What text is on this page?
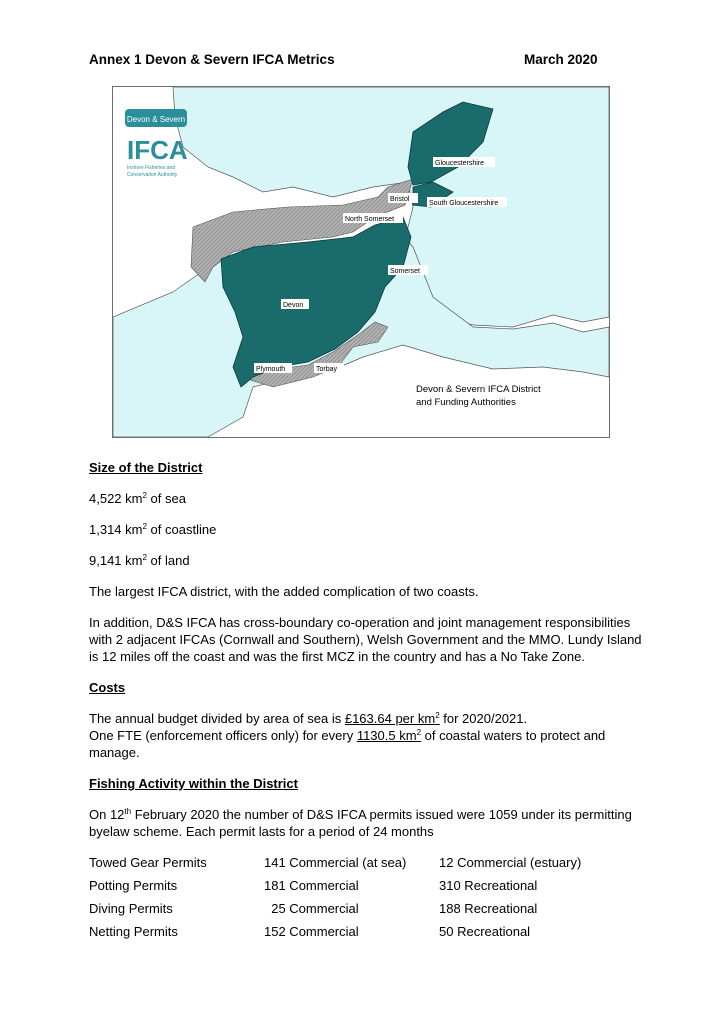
Annex 1 Devon & Severn IFCA Metrics	March 2020
Devon & Severn
IFCA
Inshore Fisheries and
Conservation Authority
Gloucestershire
South Gloucestershire
Bristol
North Somerset
Somerset
Devon
Plymouth	Torbay
Devon & Severn IFCA District
and Funding Authorities
Size of the District
4,522 $km^2$ of sea
1,314 $km^2$ of coastline
9,141 $km^2$ of land
The largest IFCA district, with the added complication of two coasts.
In addition, D&S IFCA has cross-boundary co-operation and joint management responsibilities with 2 adjacent IFCAs (Cornwall and Southern), Welsh Government and the MMO. Lundy Island is 12 miles off the coast and was the first MCZ in the country and has a No Take Zone.
Costs
The annual budget divided by area of sea is £163.64 per $km^2$ for 2020/2021.
One FTE (enforcement officers only) for every 1130.5 $km^2$ of coastal waters to protect and manage.
Fishing Activity within the District
On 12th February 2020 the number of D&S IFCA permits issued were 1059 under its permitting byelaw scheme. Each permit lasts for a period of 24 months
Towed Gear Permits	141 Commercial (at sea)	12 Commercial (estuary)
Potting Permits	181 Commercial	310 Recreational
Diving Permits	25 Commercial	188 Recreational
Netting Permits	152 Commercial	50 Recreational
